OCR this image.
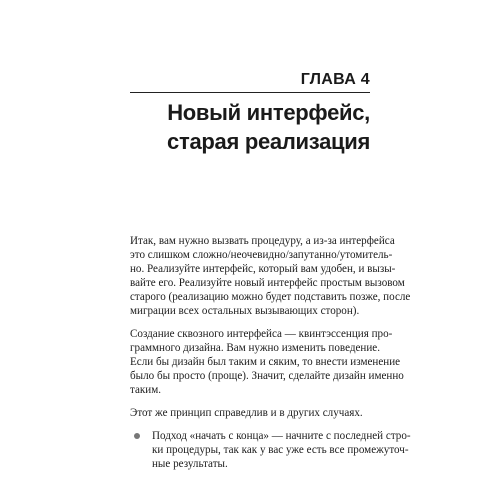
ГЛАВА 4
Новый интерфейс,
старая реализация

Итак, вам нужно вызвать процедуру, а из-за интерфейса
это слишком сложно/неочевидно/запутанно/утомитель-
но. Реализуйте интерфейс, который вам удобен, и вызы-
вайте его. Реализуйте новый интерфейс простым вызовом
старого (реализацию можно будет подставить позже, после
миграции всех остальных вызывающих сторон).

Создание сквозного интерфейса — квинтэссенция про-
граммного дизайна. Вам нужно изменить поведение.
Если бы дизайн был таким и сяким, то внести изменение
было бы просто (проще). Значит, сделайте дизайн именно
таким.

Этот же принцип справедлив и в других случаях.

Подход «начать с конца» — начните с последней стро-
ки процедуры, так как у вас уже есть все промежуточ-
ные результаты.
